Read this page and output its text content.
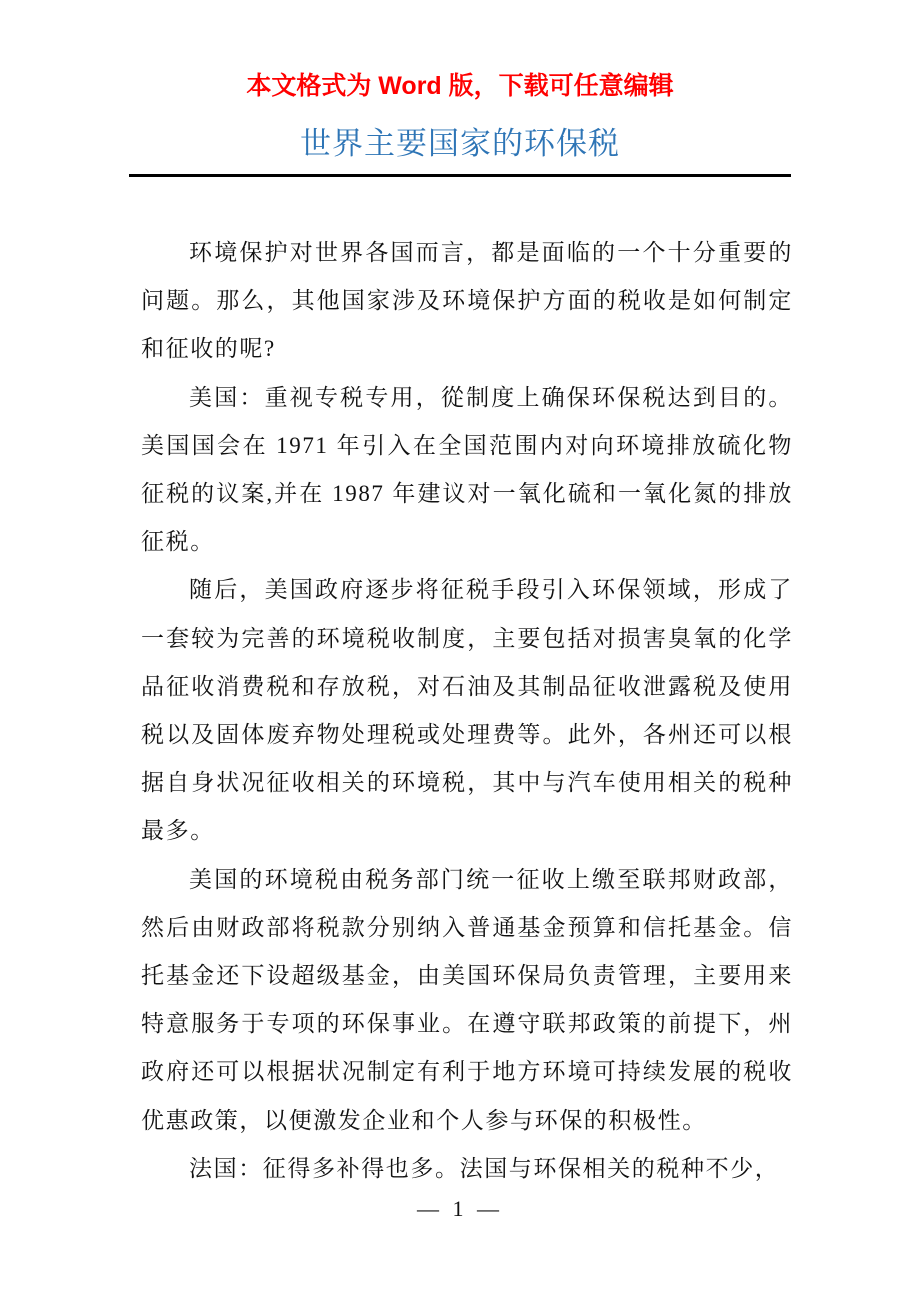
本文格式为 Word 版，下载可任意编辑
世界主要国家的环保税

环境保护对世界各国而言，都是面临的一个十分重要的问题。那么，其他国家涉及环境保护方面的税收是如何制定和征收的呢?

美国：重视专税专用，從制度上确保环保税达到目的。美国国会在 1971 年引入在全国范围内对向环境排放硫化物征税的议案,并在 1987 年建议对一氧化硫和一氧化氮的排放征税。

随后，美国政府逐步将征税手段引入环保领域，形成了一套较为完善的环境税收制度，主要包括对损害臭氧的化学品征收消费税和存放税，对石油及其制品征收泄露税及使用税以及固体废弃物处理税或处理费等。此外，各州还可以根据自身状况征收相关的环境税，其中与汽车使用相关的税种最多。

美国的环境税由税务部门统一征收上缴至联邦财政部，然后由财政部将税款分别纳入普通基金预算和信托基金。信托基金还下设超级基金，由美国环保局负责管理，主要用来特意服务于专项的环保事业。在遵守联邦政策的前提下，州政府还可以根据状况制定有利于地方环境可持续发展的税收优惠政策，以便激发企业和个人参与环保的积极性。

法国：征得多补得也多。法国与环保相关的税种不少，

— 1 —
